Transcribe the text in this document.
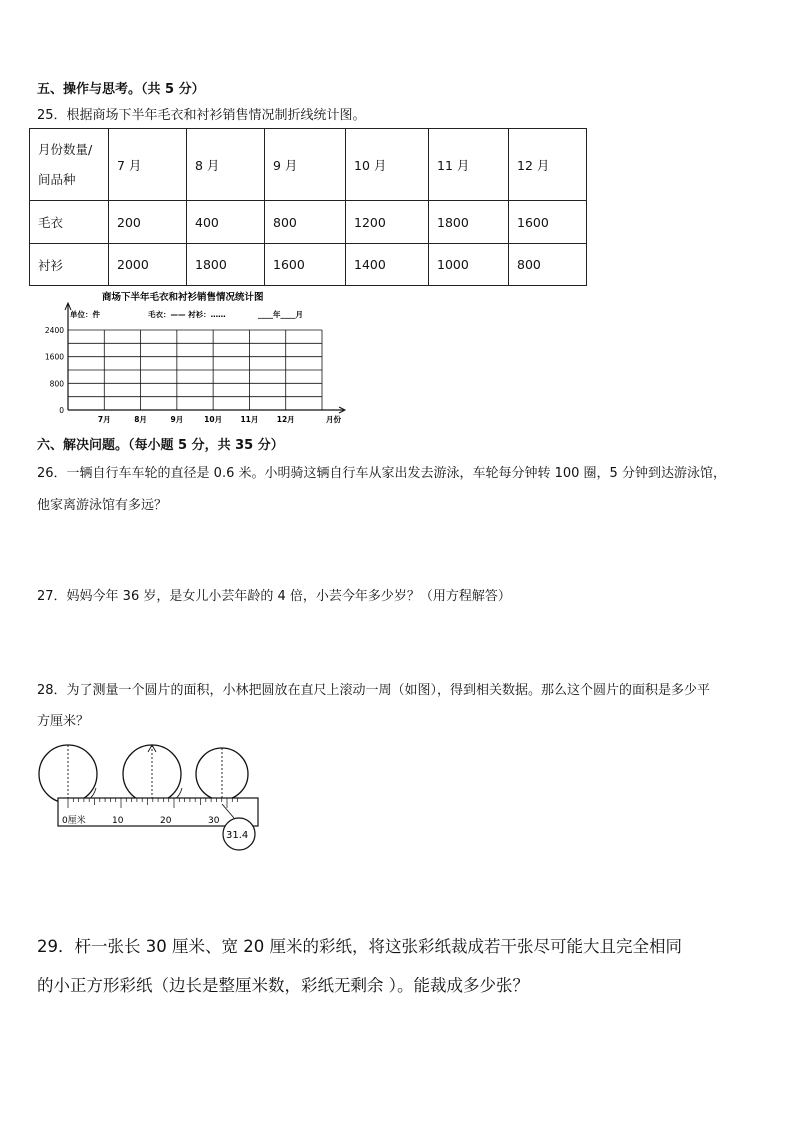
五、操作与思考。（共 5 分）
25．根据商场下半年毛衣和衬衫销售情况制折线统计图。
月份数量/
间品种	7 月	8 月	9 月	10 月	11 月	12 月
毛衣	200	400	800	1200	1800	1600
衬衫	2000	1800	1600	1400	1000	800
商场下半年毛衣和衬衫销售情况统计图
单位：件	毛衣：—— 衬衫：……	____年____月
2400
1600
800
0
7月	8月	9月	10月 11月 12月	月份
六、解决问题。（每小题 5 分，共 35 分）
26．一辆自行车车轮的直径是 0.6 米。小明骑这辆自行车从家出发去游泳，车轮每分钟转 100 圈，5 分钟到达游泳馆，
他家离游泳馆有多远？
27．妈妈今年 36 岁，是女儿小芸年龄的 4 倍，小芸今年多少岁？（用方程解答）
28．为了测量一个圆片的面积，小林把圆放在直尺上滚动一周（如图），得到相关数据。那么这个圆片的面积是多少平
方厘米？
0厘米	10	20	30
31.4
29．杆一张长 30 厘米、宽 20 厘米的彩纸，将这张彩纸裁成若干张尽可能大且完全相同
的小正方形彩纸（边长是整厘米数，彩纸无剩余 ）。能裁成多少张？
